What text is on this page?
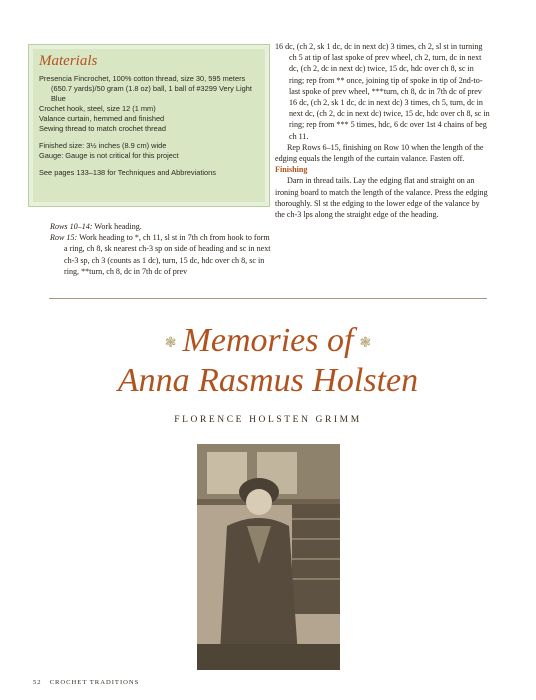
Materials
Presencia Fincrochet, 100% cotton thread, size 30, 595 meters
(650.7 yards)/50 gram (1.8 oz) ball, 1 ball of #3299 Very Light Blue
Crochet hook, steel, size 12 (1 mm)
Valance curtain, hemmed and finished
Sewing thread to match crochet thread
Finished size: 3½ inches (8.9 cm) wide
Gauge: Gauge is not critical for this project
See pages 133–138 for Techniques and Abbreviations

Rows 10–14: Work heading.

Row 15: Work heading to *, ch 11, sl st in 7th ch from hook to form a ring, ch 8, sk nearest ch-3 sp on side of heading and sc in next ch-3 sp, ch 3 (counts as 1 dc), turn, 15 dc, hdc over ch 8, sc in ring, **turn, ch 8, dc in 7th dc of prev

16 dc, (ch 2, sk 1 dc, dc in next dc) 3 times, ch 2, sl st in turning ch 5 at tip of last spoke of prev wheel, ch 2, turn, dc in next dc, (ch 2, dc in next dc) twice, 15 dc, hdc over ch 8, sc in ring; rep from ** once, joining tip of spoke in tip of 2nd-to-last spoke of prev wheel, ***turn, ch 8, dc in 7th dc of prev 16 dc, (ch 2, sk 1 dc, dc in next dc) 3 times, ch 5, turn, dc in next dc, (ch 2, dc in next dc) twice, 15 dc, hdc over ch 8, sc in ring; rep from *** 5 times, hdc, 6 dc over 1st 4 chains of beg ch 11.

Rep Rows 6–15, finishing on Row 10 when the length of the edging equals the length of the curtain valance. Fasten off.

Finishing

Darn in thread tails. Lay the edging flat and straight on an ironing board to match the length of the valance. Press the edging thoroughly. Sl st the edging to the lower edge of the valance by the ch-3 lps along the straight edge of the heading.

❃ Memories of ❃
Anna Rasmus Holsten
FLORENCE HOLSTEN GRIMM
52 CROCHET TRADITIONS
